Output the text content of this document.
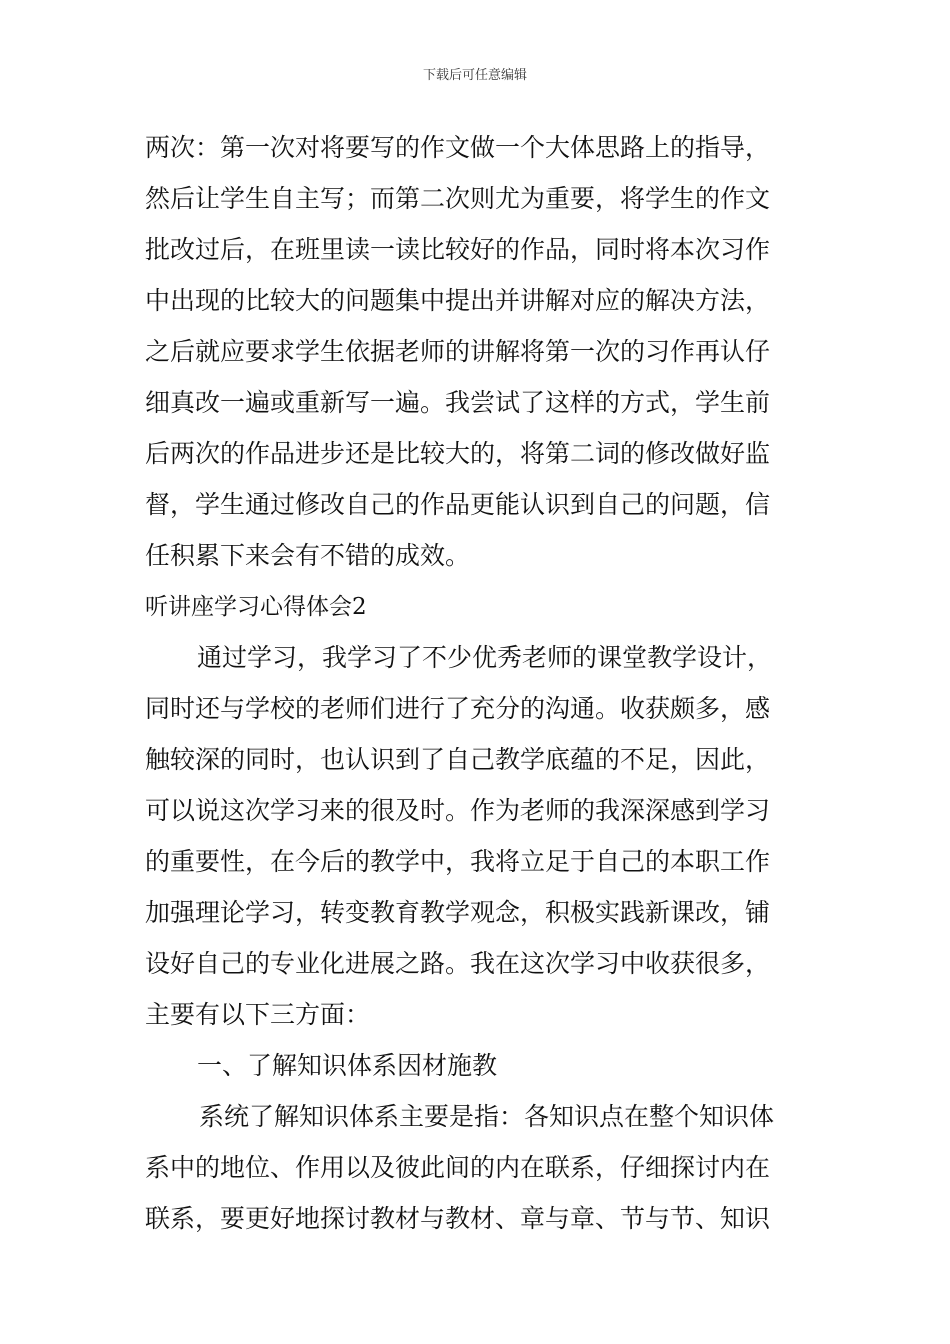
下载后可任意编辑
两次：第一次对将要写的作文做一个大体思路上的指导，
然后让学生自主写；而第二次则尤为重要，将学生的作文
批改过后，在班里读一读比较好的作品，同时将本次习作
中出现的比较大的问题集中提出并讲解对应的解决方法，
之后就应要求学生依据老师的讲解将第一次的习作再认仔
细真改一遍或重新写一遍。我尝试了这样的方式，学生前
后两次的作品进步还是比较大的，将第二词的修改做好监
督，学生通过修改自己的作品更能认识到自己的问题，信
任积累下来会有不错的成效。
听讲座学习心得体会2
通过学习，我学习了不少优秀老师的课堂教学设计，
同时还与学校的老师们进行了充分的沟通。收获颇多，感
触较深的同时，也认识到了自己教学底蕴的不足，因此，
可以说这次学习来的很及时。作为老师的我深深感到学习
的重要性，在今后的教学中，我将立足于自己的本职工作
加强理论学习，转变教育教学观念，积极实践新课改，铺
设好自己的专业化进展之路。我在这次学习中收获很多，
主要有以下三方面：
一、了解知识体系因材施教
系统了解知识体系主要是指：各知识点在整个知识体
系中的地位、作用以及彼此间的内在联系，仔细探讨内在
联系，要更好地探讨教材与教材、章与章、节与节、知识
